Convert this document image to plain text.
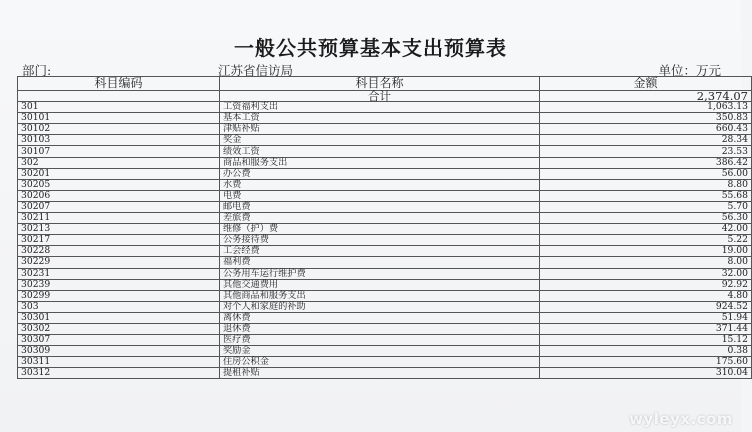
一般公共预算基本支出预算表
部门:	江苏省信访局	单位：万元
科目编码	科目名称	金额
	合计	2,374.07
301	工资福利支出	1,063.13
30101	基本工资	350.83
30102	津贴补贴	660.43
30103	奖金	28.34
30107	绩效工资	23.53
302	商品和服务支出	386.42
30201	办公费	56.00
30205	水费	8.80
30206	电费	55.68
30207	邮电费	5.70
30211	差旅费	56.30
30213	维修（护）费	42.00
30217	公务接待费	5.22
30228	工会经费	19.00
30229	福利费	8.00
30231	公务用车运行维护费	32.00
30239	其他交通费用	92.92
30299	其他商品和服务支出	4.80
303	对个人和家庭的补助	924.52
30301	离休费	51.94
30302	退休费	371.44
30307	医疗费	15.12
30309	奖励金	0.38
30311	住房公积金	175.60
30312	提租补贴	310.04
wyleyx.com
